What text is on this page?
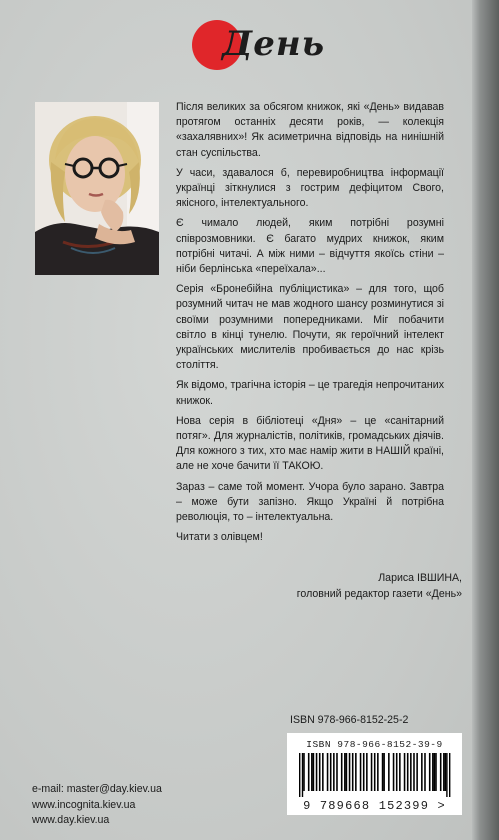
День

Після великих за обсягом книжок, які «День» видавав протягом останніх десяти років, — колекція «захалявних»! Як асиметрична відповідь на нинішній стан суспільства.

У часи, здавалося б, перевиробництва інформації українці зіткнулися з гострим дефіцитом Свого, якісного, інтелектуального.

Є чимало людей, яким потрібні розумні співрозмовники. Є багато мудрих книжок, яким потрібні читачі. А між ними – відчуття якоїсь стіни – ніби берлінська «переїхала»...

Серія «Бронебійна публіцистика» – для того, щоб розумний читач не мав жодного шансу розминутися зі своїми розумними попередниками. Міг побачити світло в кінці тунелю. Почути, як героїчний інтелект українських мислителів пробивається до нас крізь століття.

Як відомо, трагічна історія – це трагедія непрочитаних книжок.

Нова серія в бібліотеці «Дня» – це «санітарний потяг». Для журналістів, політиків, громадських діячів. Для кожного з тих, хто має намір жити в НАШІЙ країні, але не хоче бачити її ТАКОЮ.

Зараз – саме той момент. Учора було зарано. Завтра – може бути запізно. Якщо Україні й потрібна революція, то – інтелектуальна.

Читати з олівцем!

Лариса ІВШИНА,
головний редактор газети «День»
ISBN 978-966-8152-25-2
ISBN 978-966-8152-39-9
9 789668 152399 >
e-mail: master@day.kiev.ua
www.incognita.kiev.ua
www.day.kiev.ua
